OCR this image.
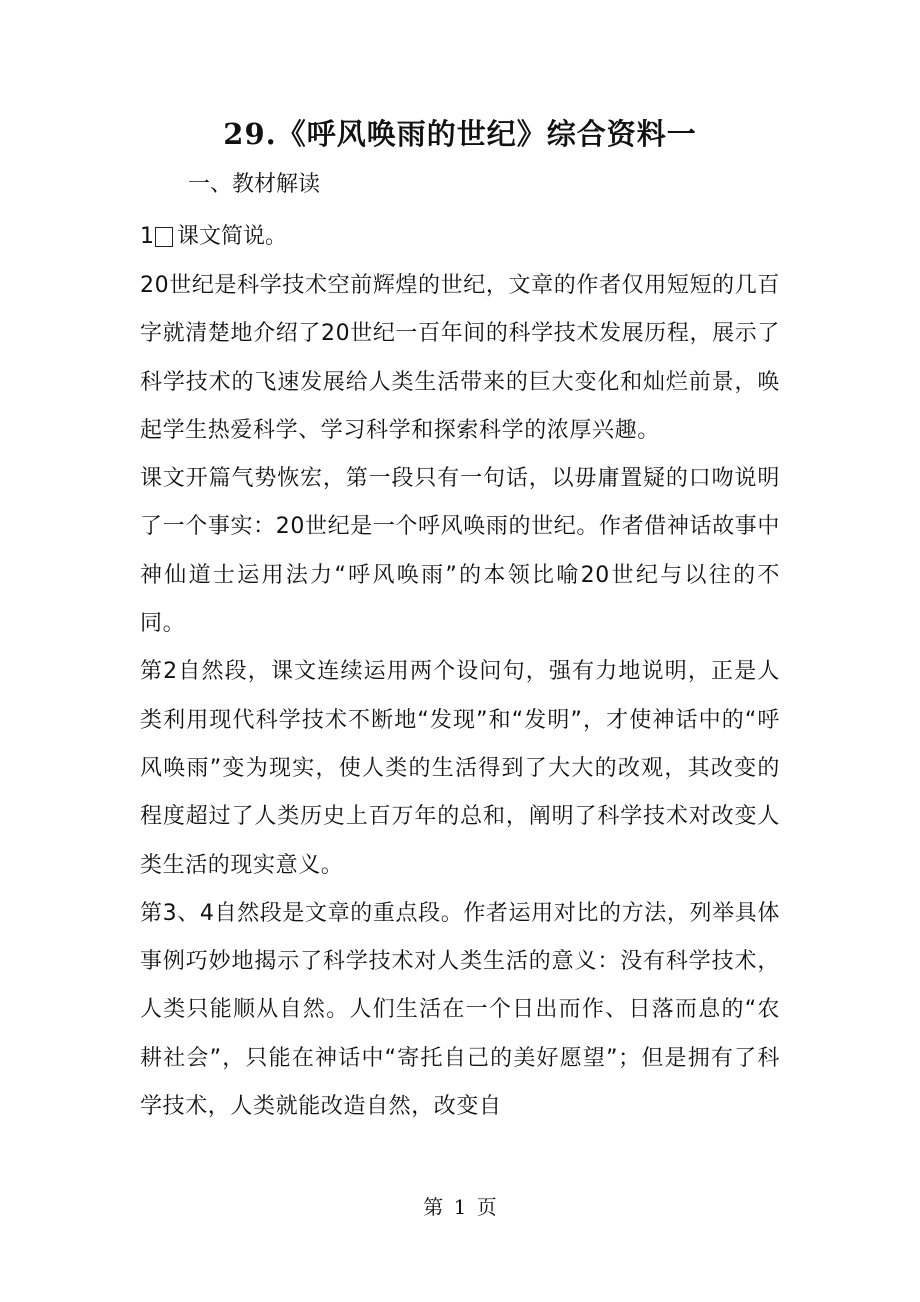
29.《呼风唤雨的世纪》综合资料一
一、教材解读
1 课文简说。

20世纪是科学技术空前辉煌的世纪，文章的作者仅用短短的几百字就清楚地介绍了20世纪一百年间的科学技术发展历程，展示了科学技术的飞速发展给人类生活带来的巨大变化和灿烂前景，唤起学生热爱科学、学习科学和探索科学的浓厚兴趣。

课文开篇气势恢宏，第一段只有一句话，以毋庸置疑的口吻说明了一个事实：20世纪是一个呼风唤雨的世纪。作者借神话故事中神仙道士运用法力“呼风唤雨”的本领比喻20世纪与以往的不同。

第2自然段，课文连续运用两个设问句，强有力地说明，正是人类利用现代科学技术不断地“发现”和“发明”，才使神话中的“呼风唤雨”变为现实，使人类的生活得到了大大的改观，其改变的程度超过了人类历史上百万年的总和，阐明了科学技术对改变人类生活的现实意义。

第3、4自然段是文章的重点段。作者运用对比的方法，列举具体事例巧妙地揭示了科学技术对人类生活的意义：没有科学技术，人类只能顺从自然。人们生活在一个日出而作、日落而息的“农耕社会”，只能在神话中“寄托自己的美好愿望”；但是拥有了科学技术，人类就能改造自然，改变自

第 1 页
